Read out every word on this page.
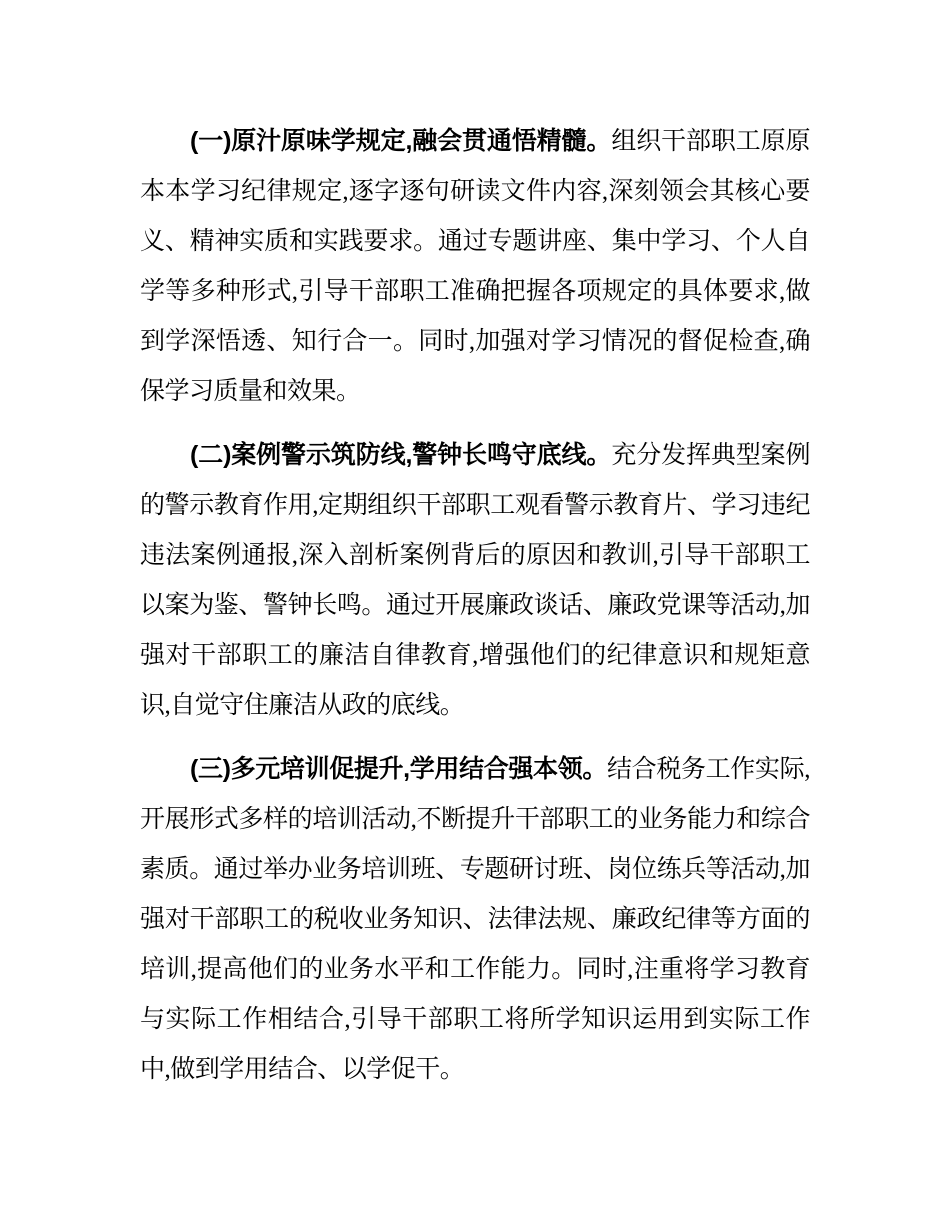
(一)原汁原味学规定,融会贯通悟精髓。组织干部职工原原本本学习纪律规定,逐字逐句研读文件内容,深刻领会其核心要义、精神实质和实践要求。通过专题讲座、集中学习、个人自学等多种形式,引导干部职工准确把握各项规定的具体要求,做到学深悟透、知行合一。同时,加强对学习情况的督促检查,确保学习质量和效果。

(二)案例警示筑防线,警钟长鸣守底线。充分发挥典型案例的警示教育作用,定期组织干部职工观看警示教育片、学习违纪违法案例通报,深入剖析案例背后的原因和教训,引导干部职工以案为鉴、警钟长鸣。通过开展廉政谈话、廉政党课等活动,加强对干部职工的廉洁自律教育,增强他们的纪律意识和规矩意识,自觉守住廉洁从政的底线。

(三)多元培训促提升,学用结合强本领。结合税务工作实际,开展形式多样的培训活动,不断提升干部职工的业务能力和综合素质。通过举办业务培训班、专题研讨班、岗位练兵等活动,加强对干部职工的税收业务知识、法律法规、廉政纪律等方面的培训,提高他们的业务水平和工作能力。同时,注重将学习教育与实际工作相结合,引导干部职工将所学知识运用到实际工作中,做到学用结合、以学促干。
